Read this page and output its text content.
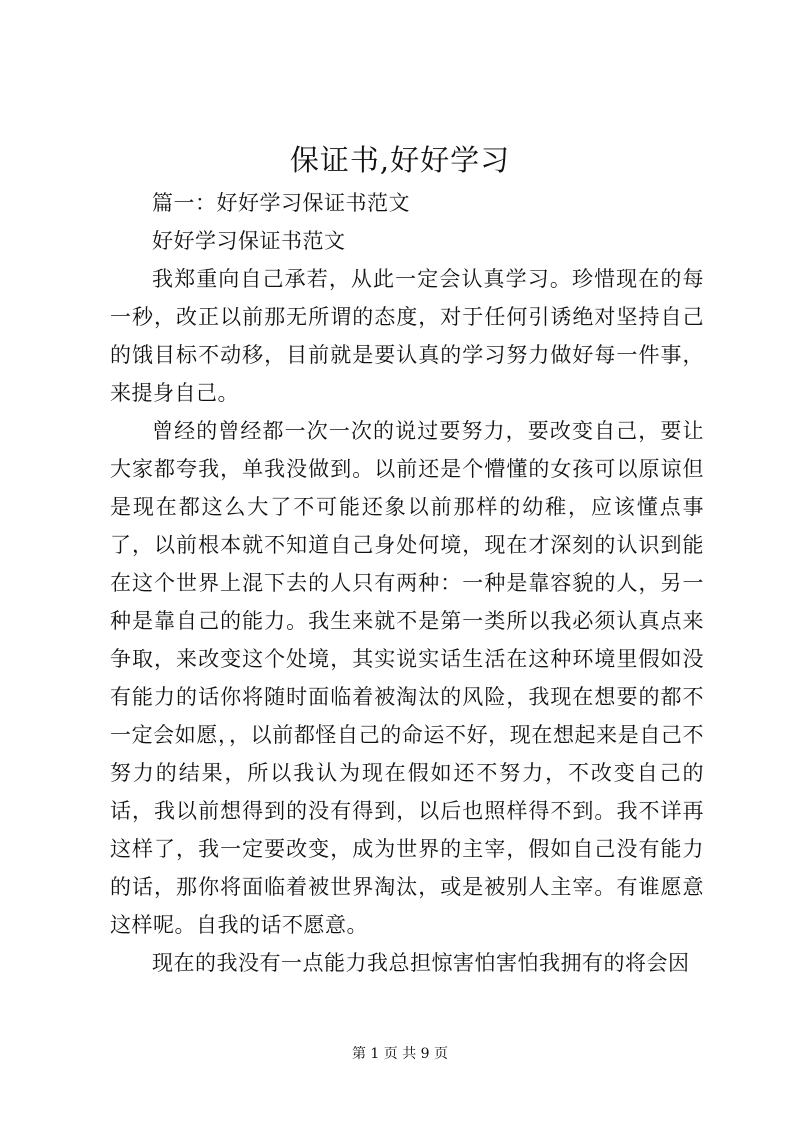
保证书,好好学习

篇一：好好学习保证书范文

好好学习保证书范文

我郑重向自己承若，从此一定会认真学习。珍惜现在的每一秒，改正以前那无所谓的态度，对于任何引诱绝对坚持自己的饿目标不动移，目前就是要认真的学习努力做好每一件事，来提身自己。

曾经的曾经都一次一次的说过要努力，要改变自己，要让大家都夸我，单我没做到。以前还是个懵懂的女孩可以原谅但是现在都这么大了不可能还象以前那样的幼稚，应该懂点事了，以前根本就不知道自己身处何境，现在才深刻的认识到能在这个世界上混下去的人只有两种：一种是靠容貌的人，另一种是靠自己的能力。我生来就不是第一类所以我必须认真点来争取，来改变这个处境，其实说实话生活在这种环境里假如没有能力的话你将随时面临着被淘汰的风险，我现在想要的都不一定会如愿，，以前都怪自己的命运不好，现在想起来是自己不努力的结果，所以我认为现在假如还不努力，不改变自己的话，我以前想得到的没有得到，以后也照样得不到。我不详再这样了，我一定要改变，成为世界的主宰，假如自己没有能力的话，那你将面临着被世界淘汰，或是被别人主宰。有谁愿意这样呢。自我的话不愿意。

现在的我没有一点能力我总担惊害怕害怕我拥有的将会因

第 1 页 共 9 页
